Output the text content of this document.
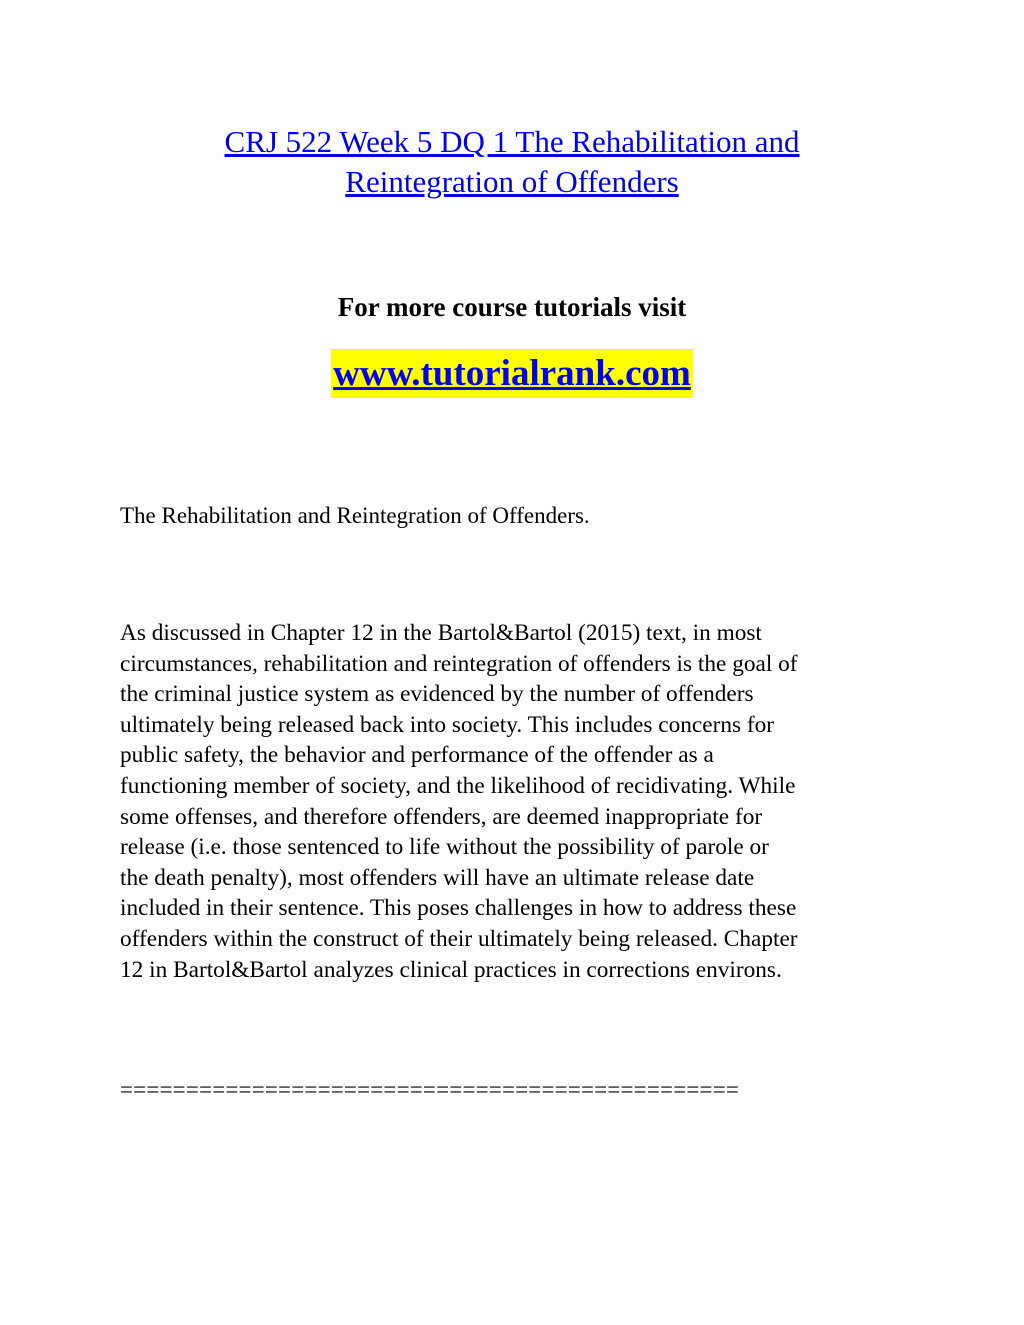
CRJ 522 Week 5 DQ 1 The Rehabilitation and
Reintegration of Offenders
For more course tutorials visit
www.tutorialrank.com
The Rehabilitation and Reintegration of Offenders.
As discussed in Chapter 12 in the Bartol&Bartol (2015) text, in most
circumstances, rehabilitation and reintegration of offenders is the goal of
the criminal justice system as evidenced by the number of offenders
ultimately being released back into society. This includes concerns for
public safety, the behavior and performance of the offender as a
functioning member of society, and the likelihood of recidivating. While
some offenses, and therefore offenders, are deemed inappropriate for
release (i.e. those sentenced to life without the possibility of parole or
the death penalty), most offenders will have an ultimate release date
included in their sentence. This poses challenges in how to address these
offenders within the construct of their ultimately being released. Chapter
12 in Bartol&Bartol analyzes clinical practices in corrections environs.
===============================================
